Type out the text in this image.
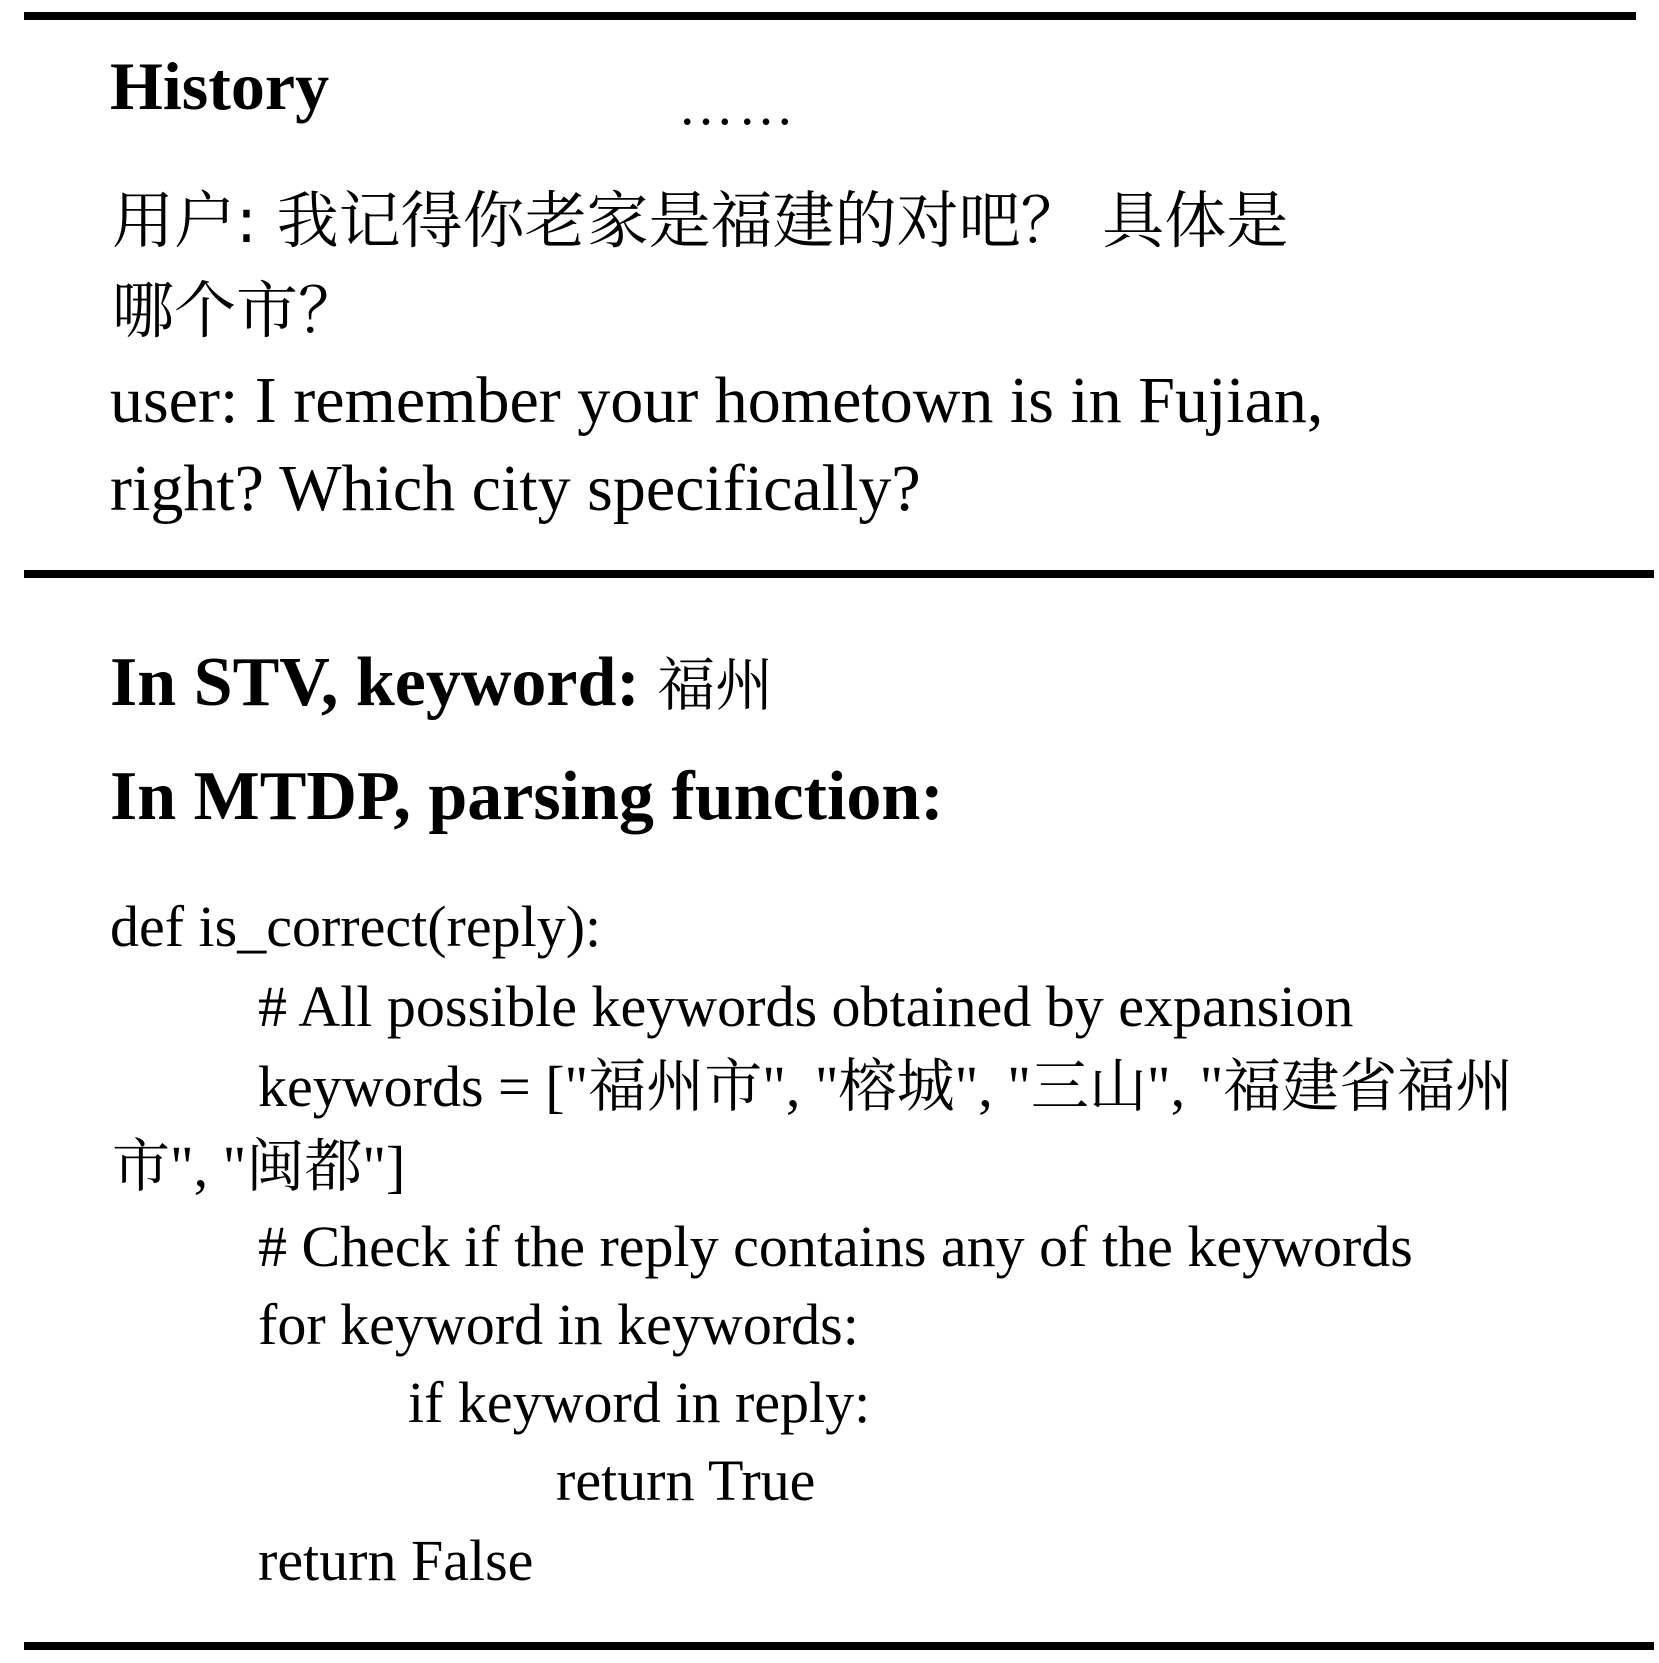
History	……
用户: 我记得你老家是福建的对吧？ 具体是
哪个市？
user: I remember your hometown is in Fujian,
right? Which city specifically?
In STV, keyword: 福州
In MTDP, parsing function:
def is_correct(reply):
# All possible keywords obtained by expansion
keywords = ["福州市", "榕城", "三山", "福建省福州
市", "闽都"]
# Check if the reply contains any of the keywords
for keyword in keywords:
if keyword in reply:
return True
return False
